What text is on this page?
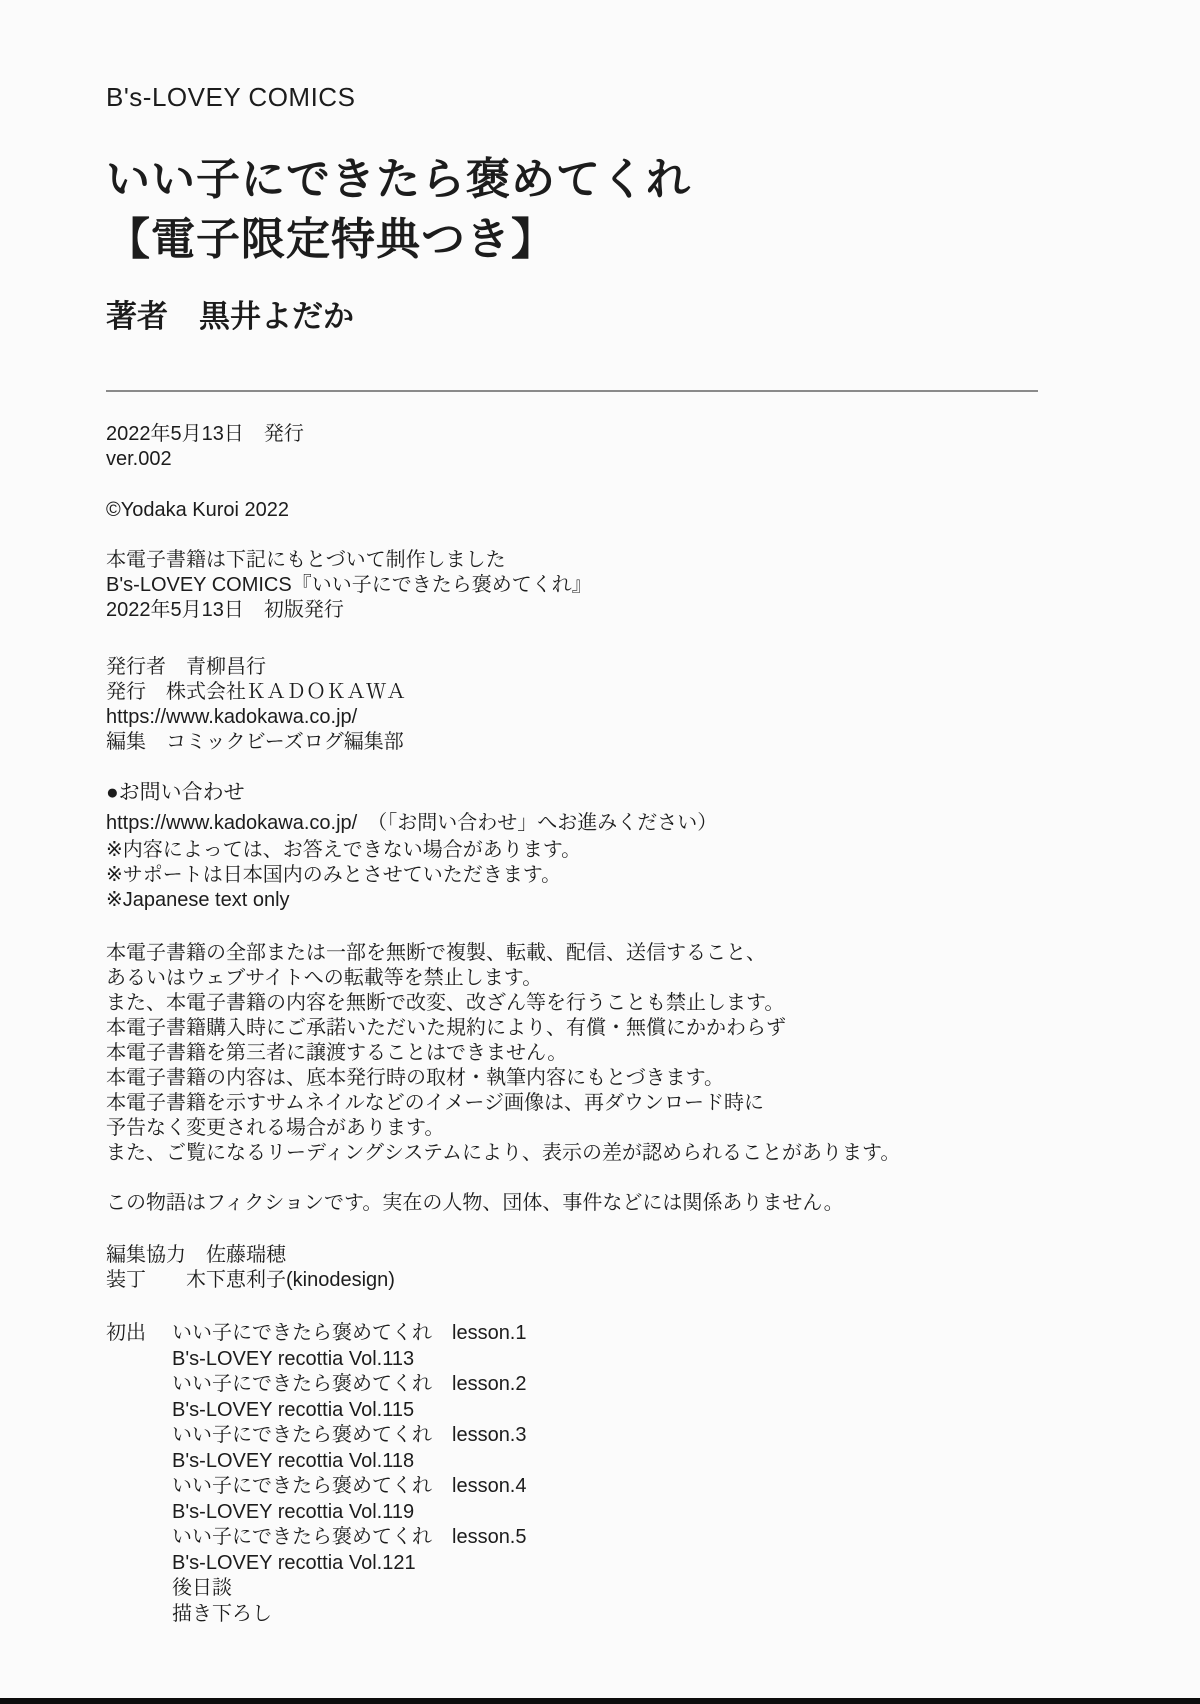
B's-LOVEY COMICS
いい子にできたら褒めてくれ
【電子限定特典つき】
著者　黒井よだか
2022年5月13日　発行
ver.002
©Yodaka Kuroi 2022
本電子書籍は下記にもとづいて制作しました
B's-LOVEY COMICS『いい子にできたら褒めてくれ』
2022年5月13日　初版発行
発行者　青柳昌行
発行　株式会社ＫＡＤＯＫＡＷＡ
https://www.kadokawa.co.jp/
編集　コミックビーズログ編集部
●お問い合わせ
https://www.kadokawa.co.jp/　（「お問い合わせ」へお進みください）
※内容によっては、お答えできない場合があります。
※サポートは日本国内のみとさせていただきます。
※Japanese text only
本電子書籍の全部または一部を無断で複製、転載、配信、送信すること、
あるいはウェブサイトへの転載等を禁止します。
また、本電子書籍の内容を無断で改変、改ざん等を行うことも禁止します。
本電子書籍購入時にご承諾いただいた規約により、有償・無償にかかわらず
本電子書籍を第三者に譲渡することはできません。
本電子書籍の内容は、底本発行時の取材・執筆内容にもとづきます。
本電子書籍を示すサムネイルなどのイメージ画像は、再ダウンロード時に
予告なく変更される場合があります。
また、ご覧になるリーディングシステムにより、表示の差が認められることがあります。
この物語はフィクションです。実在の人物、団体、事件などには関係ありません。
編集協力　佐藤瑞穂
装丁　　木下恵利子(kinodesign)
初出	いい子にできたら褒めてくれ　lesson.1
B's-LOVEY recottia Vol.113
いい子にできたら褒めてくれ　lesson.2
B's-LOVEY recottia Vol.115
いい子にできたら褒めてくれ　lesson.3
B's-LOVEY recottia Vol.118
いい子にできたら褒めてくれ　lesson.4
B's-LOVEY recottia Vol.119
いい子にできたら褒めてくれ　lesson.5
B's-LOVEY recottia Vol.121
後日談
描き下ろし
